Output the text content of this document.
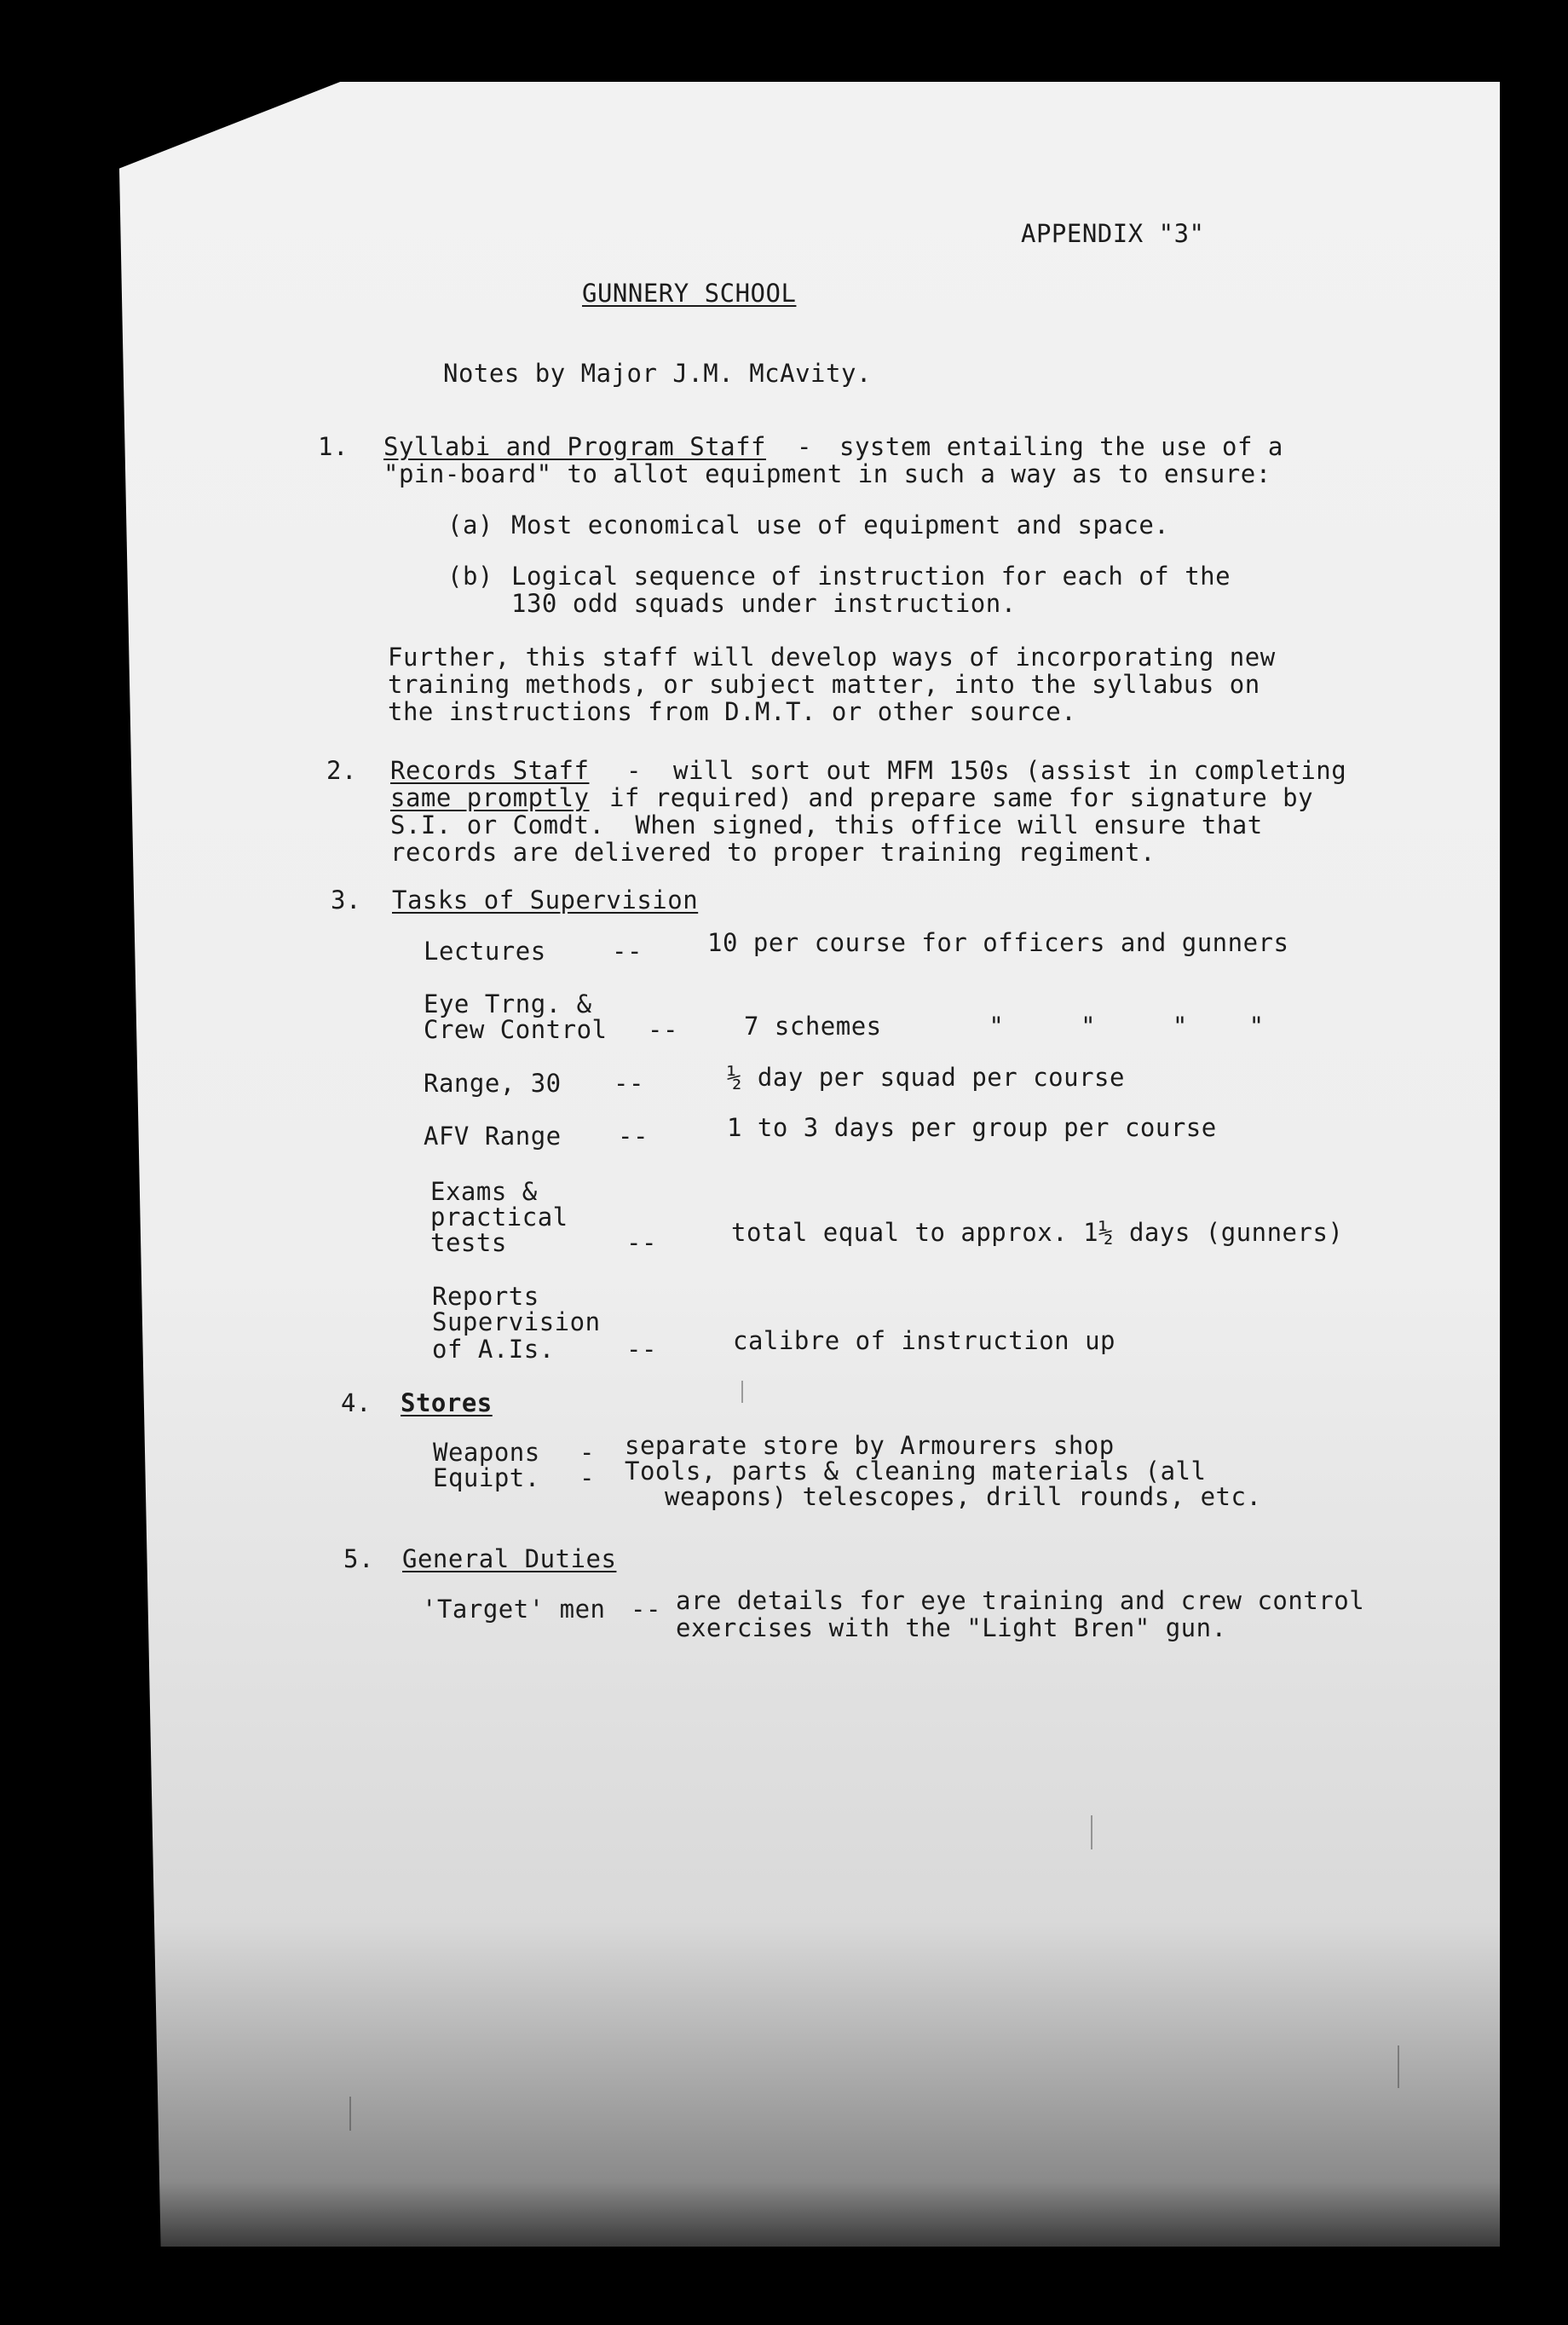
APPENDIX "3"
GUNNERY SCHOOL
Notes by Major J.M. McAvity.
1. Syllabi and Program Staff - system entailing the use of a
"pin-board" to allot equipment in such a way as to ensure:
(a) Most economical use of equipment and space.
(b) Logical sequence of instruction for each of the
130 odd squads under instruction.
Further, this staff will develop ways of incorporating new
training methods, or subject matter, into the syllabus on
the instructions from D.M.T. or other source.
2. Records Staff - will sort out MFM 150s (assist in completing
same promptly if required) and prepare same for signature by
S.I. or Comdt.  When signed, this office will ensure that
records are delivered to proper training regiment.
3. Tasks of Supervision
Lectures	--	10 per course for officers and gunners
Eye Trng. &
Crew Control --	7 schemes       "     "     "    "
Range, 30 --	½ day per squad per course
AFV Range --	1 to 3 days per group per course
Exams &
practical
tests	--	total equal to approx. 1½ days (gunners)
Reports
Supervision
of A.Is.	--	calibre of instruction up
4. Stores
Weapons - separate store by Armourers shop
Equipt. - Tools, parts & cleaning materials (all
weapons) telescopes, drill rounds, etc.
5. General Duties
'Target' men -- are details for eye training and crew control
exercises with the "Light Bren" gun.
